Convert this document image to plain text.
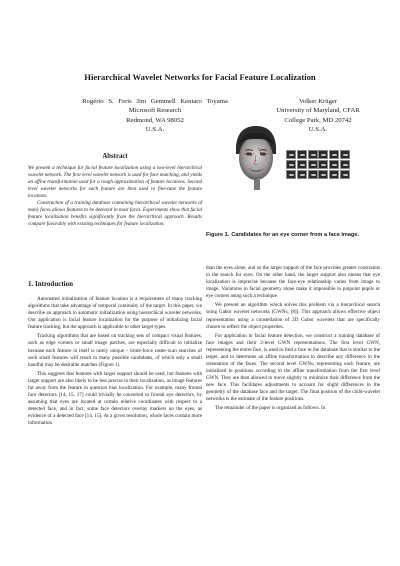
Hierarchical Wavelet Networks for Facial Feature Localization
Rogério S. Feris Jim Gemmell Kentaro Toyama
Microsoft Research
Redmond, WA 98052
U.S.A.
Volker Krüger
University of Maryland, CFAR
College Park, MD 20742
U.S.A.
Abstract

We present a technique for facial feature localization using a two-level hierarchical wavelet network. The first level wavelet network is used for face matching, and yields an affine transformation used for a rough approximation of feature locations. Second level wavelet networks for each feature are then used to fine-tune the feature locations.

Construction of a training database containing hierarchical wavelet networks of many faces allows features to be detected in most faces. Experiments show that facial feature localization benefits significantly from the hierarchical approach. Results compare favorably with existing techniques for feature localization.

Figure 1. Candidates for an eye corner from a face image.
1. Introduction

Automated initialization of feature location is a requirement of many tracking algorithms that take advantage of temporal continuity of the target. In this paper, we describe an approach to automatic initialization using hierarchical wavelet networks. Our application is facial feature localization for the purpose of initializing facial feature tracking, but the approach is applicable to other target types.

Tracking algorithms that are based on tracking sets of compact visual features, such as edge corners or small image patches, are especially difficult to initialize because each feature in itself is rarely unique – brute-force raster-scan searches of such small features will result in many possible candidates, of which only a small handful may be desirable matches (Figure 1).

This suggests that features with larger support should be used, but features with larger support are also likely to be less precise in their localization, as image features far away from the feature in question bias localization. For example, many frontal face detectors [14, 15, 17] could trivially be converted to frontal eye detectors, by assuming that eyes are located at certain relative coordinates with respect to a detected face, and in fact, some face detectors overlay markers on the eyes, as evidence of a detected face [14, 15]. At a given resolution, whole faces contain more information

than the eyes alone, and so the larger support of the face provides greater constraints in the search for eyes. On the other hand, the larger support also means that eye localization is imprecise because the face-eye relationship varies from image to image. Variations in facial geometry alone make it impossible to pinpoint pupils or eye corners using such a technique.

We present an algorithm which solves this problem via a hierarchical search using Gabor wavelet networks (GWNs, [8]). This approach allows effective object representation using a constellation of 2D Gabor wavelets that are specifically chosen to reflect the object properties.

For application to facial feature detection, we construct a training database of face images and their 2-level GWN representations. The first level GWN, representing the entire face, is used to find a face in the database that is similar to the target, and to determine an affine transformation to describe any difference in the orientation of the faces. The second level GWNs, representing each feature, are initialized in positions according to the affine transformation from the first level GWN. They are then allowed to move slightly to minimize their difference from the new face. This facilitates adjustments to account for slight differences in the geometry of the database face and the target. The final position of the child-wavelet networks is the estimate of the feature positions.

The remainder of the paper is organized as follows. In
